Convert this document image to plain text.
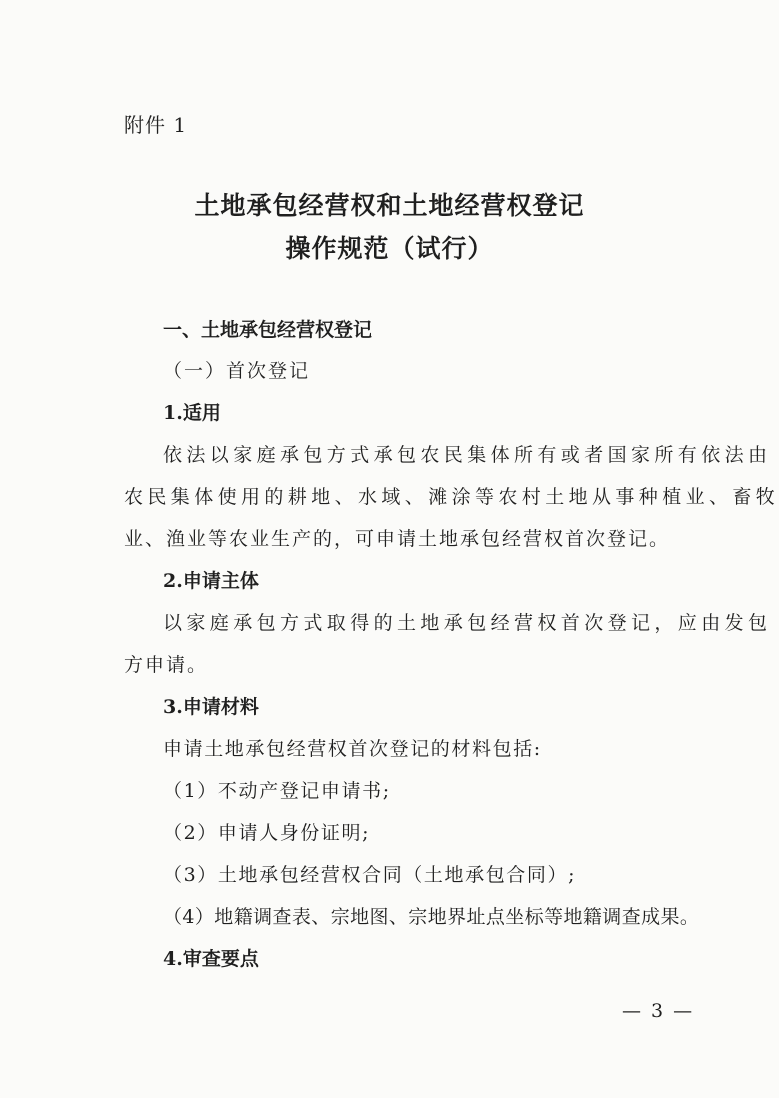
附件 1
土地承包经营权和土地经营权登记
操作规范（试行）
一、土地承包经营权登记
（一）首次登记
1.适用
依法以家庭承包方式承包农民集体所有或者国家所有依法由
农民集体使用的耕地、水域、滩涂等农村土地从事种植业、畜牧
业、渔业等农业生产的，可申请土地承包经营权首次登记。
2.申请主体
以家庭承包方式取得的土地承包经营权首次登记，应由发包
方申请。
3.申请材料
申请土地承包经营权首次登记的材料包括:
（1）不动产登记申请书;
（2）申请人身份证明;
（3）土地承包经营权合同（土地承包合同）;
（4）地籍调查表、宗地图、宗地界址点坐标等地籍调查成果。
4.审查要点
— 3 —
